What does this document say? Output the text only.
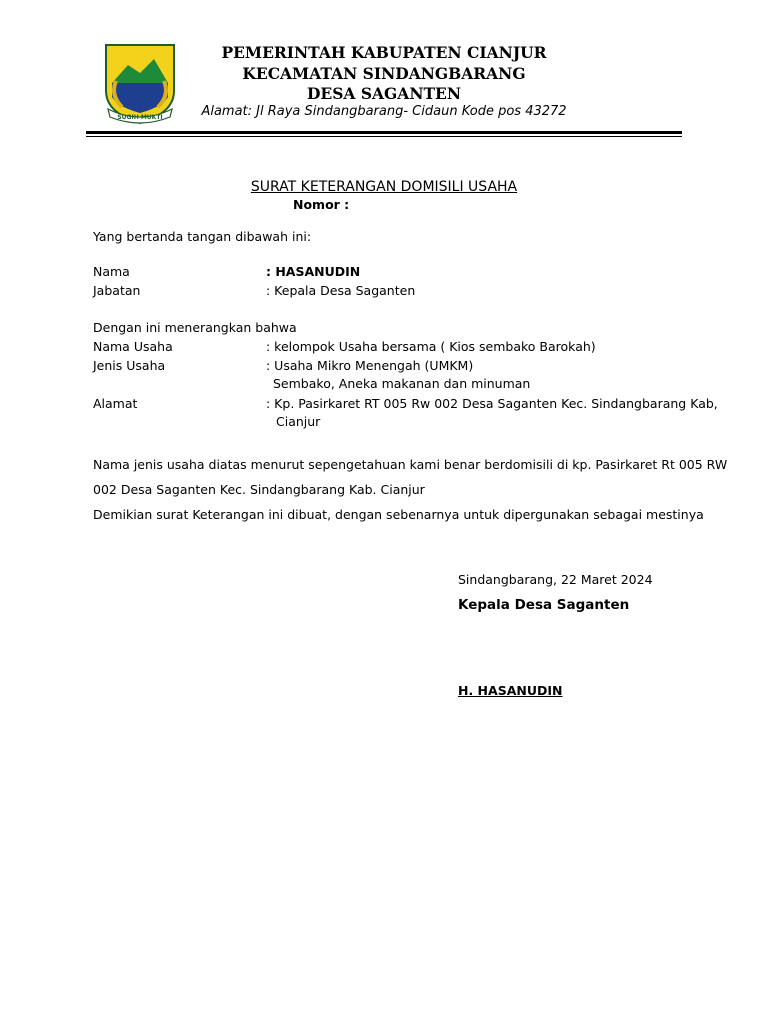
SUGIH MUKTI
PEMERINTAH KABUPATEN CIANJUR
KECAMATAN SINDANGBARANG
DESA SAGANTEN
Alamat: Jl Raya Sindangbarang- Cidaun Kode pos 43272
SURAT KETERANGAN DOMISILI USAHA
Nomor :
Yang bertanda tangan dibawah ini:
Nama	: HASANUDIN
Jabatan	: Kepala Desa Saganten
Dengan ini menerangkan bahwa
Nama Usaha	: kelompok Usaha bersama ( Kios sembako Barokah)
Jenis Usaha	: Usaha Mikro Menengah (UMKM)
Sembako, Aneka makanan dan minuman
Alamat	: Kp. Pasirkaret RT 005 Rw 002 Desa Saganten Kec. Sindangbarang Kab,
Cianjur
Nama jenis usaha diatas menurut sepengetahuan kami benar berdomisili di kp. Pasirkaret Rt 005 RW
002 Desa Saganten Kec. Sindangbarang Kab. Cianjur
Demikian surat Keterangan ini dibuat, dengan sebenarnya untuk dipergunakan sebagai mestinya
Sindangbarang, 22 Maret 2024
Kepala Desa Saganten
H. HASANUDIN
